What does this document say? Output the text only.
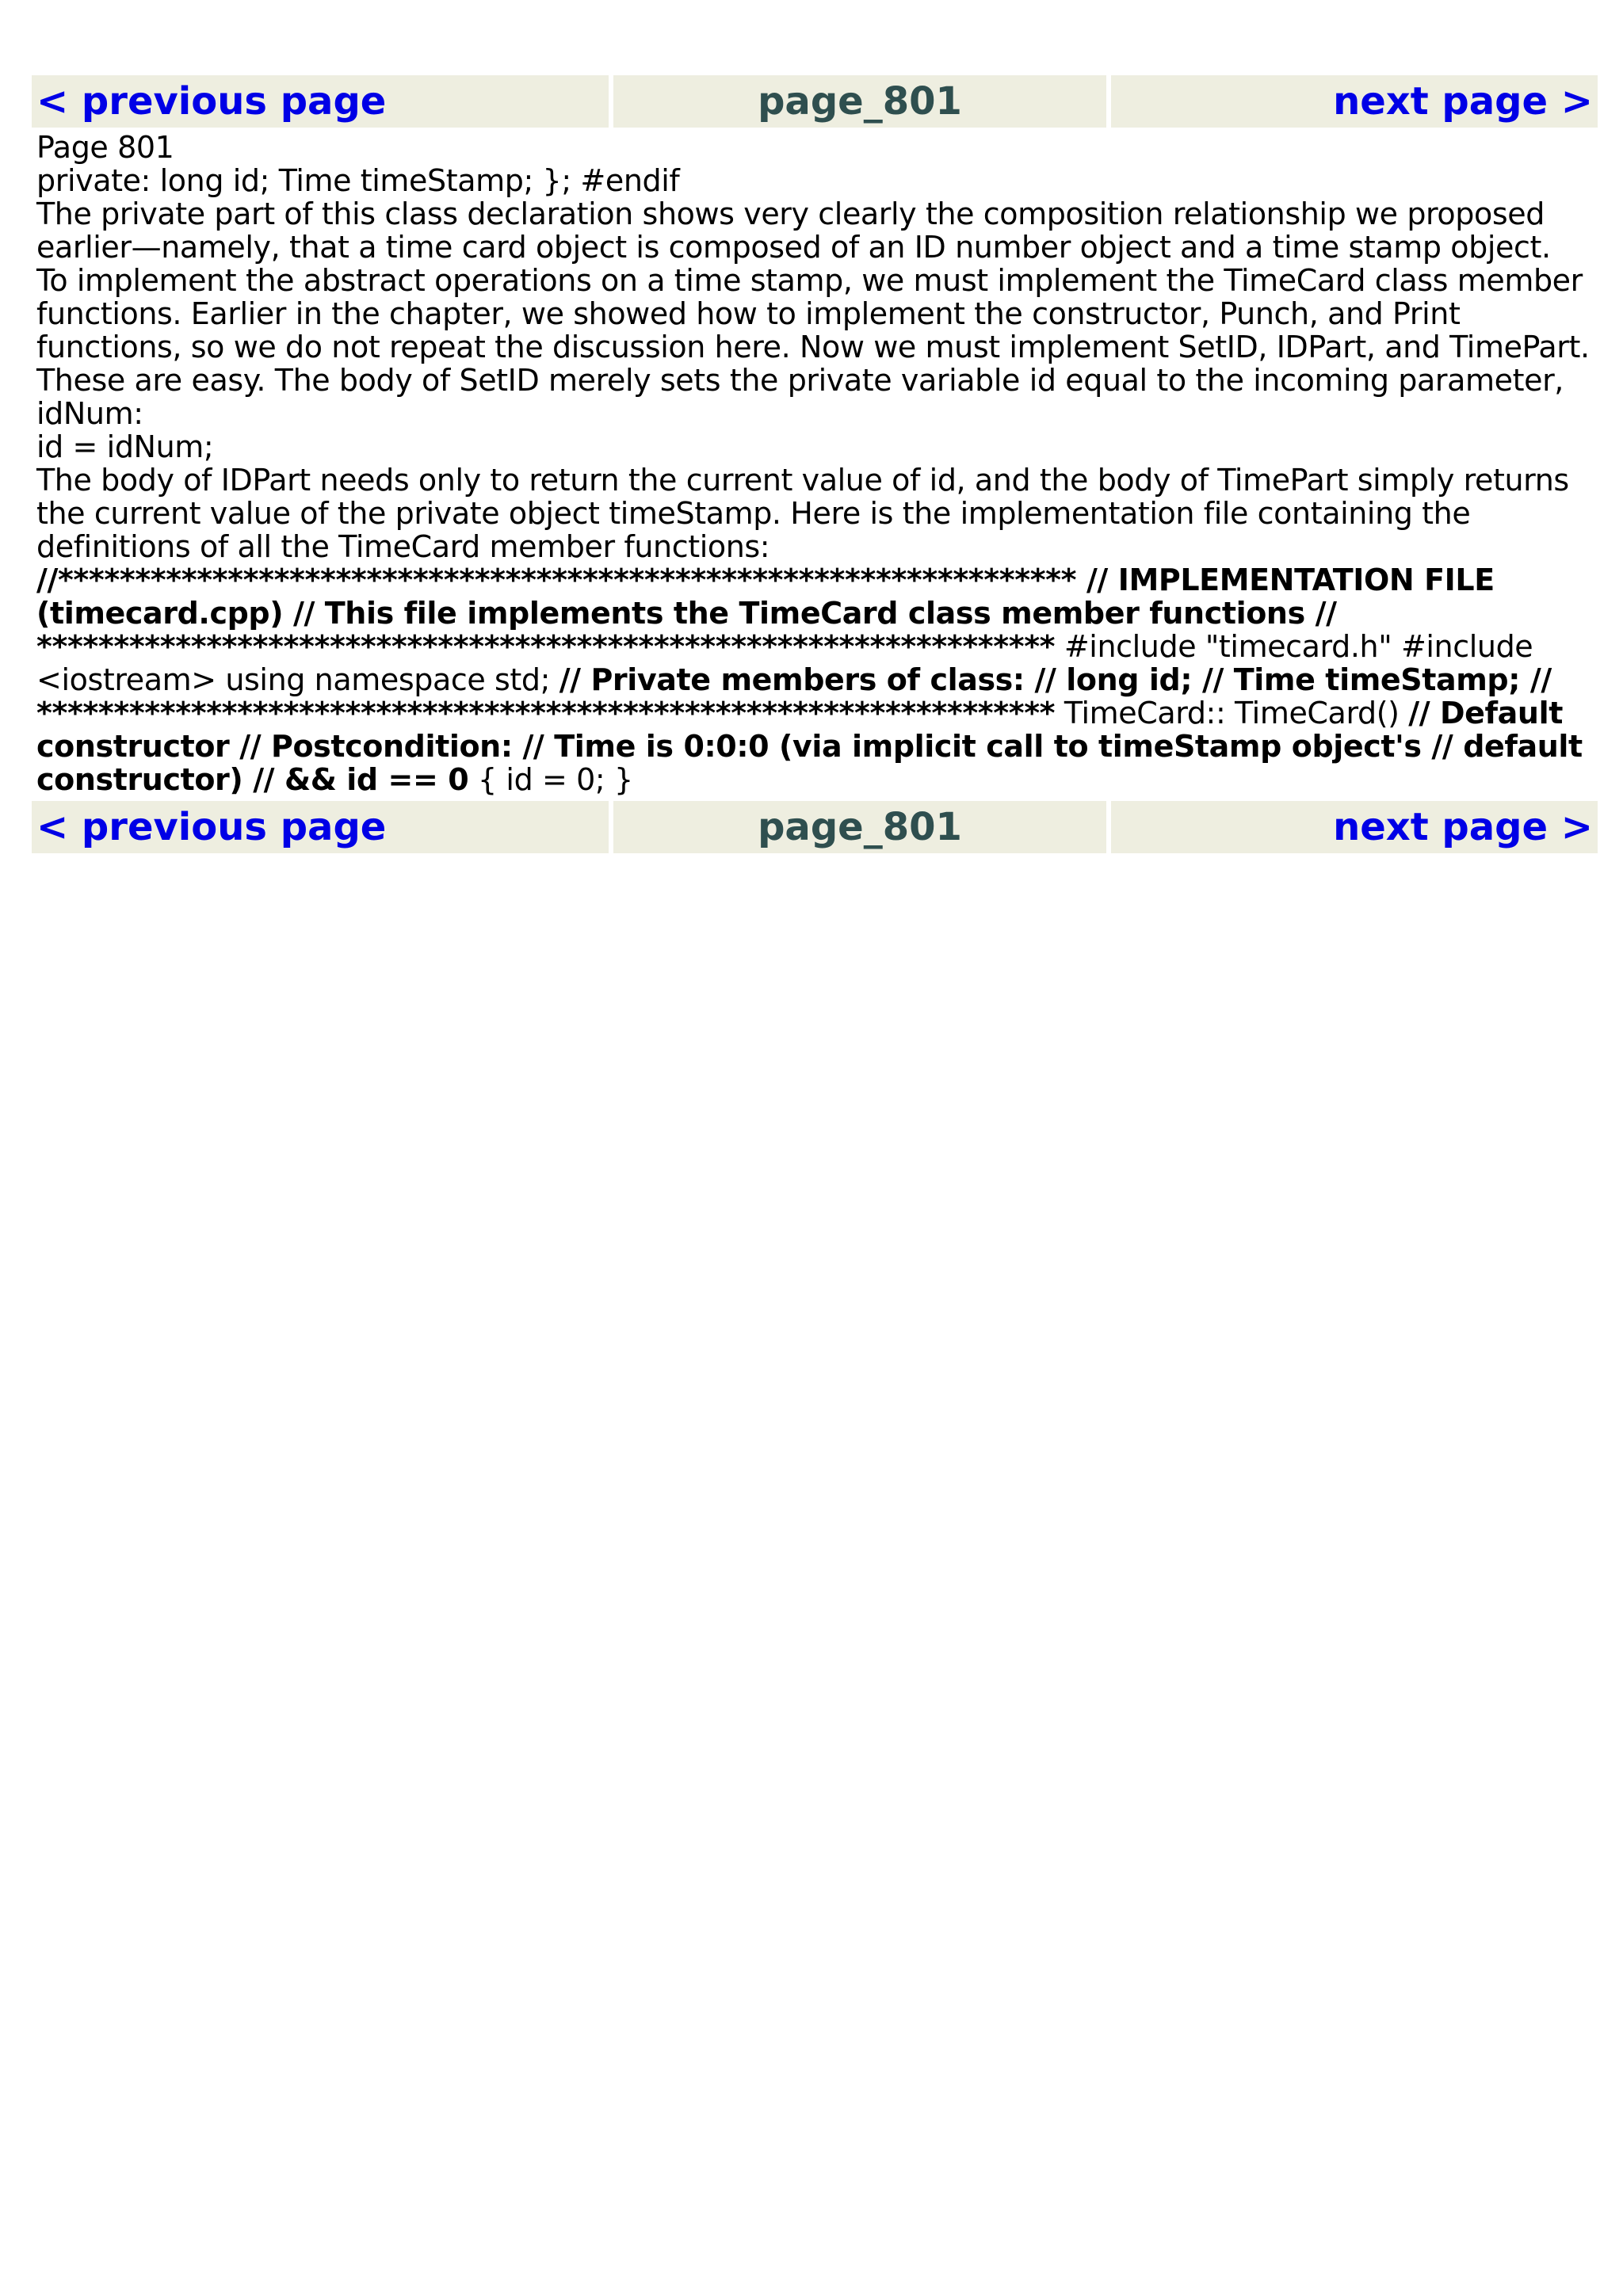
< previous page	page_801	next page >

Page 801

private: long id; Time timeStamp; }; #endif

The private part of this class declaration shows very clearly the composition relationship we proposed earlier—namely, that a time card object is composed of an ID number object and a time stamp object.

To implement the abstract operations on a time stamp, we must implement the TimeCard class member functions. Earlier in the chapter, we showed how to implement the constructor, Punch, and Print functions, so we do not repeat the discussion here. Now we must implement SetID, IDPart, and TimePart. These are easy. The body of SetID merely sets the private variable id equal to the incoming parameter, idNum:

id = idNum;

The body of IDPart needs only to return the current value of id, and the body of TimePart simply returns the current value of the private object timeStamp. Here is the implementation file containing the definitions of all the TimeCard member functions:

//****************************************************************** // IMPLEMENTATION FILE (timecard.cpp) // This file implements the TimeCard class member functions // ****************************************************************** #include "timecard.h" #include <iostream> using namespace std; // Private members of class: // long id; // Time timeStamp; // ****************************************************************** TimeCard:: TimeCard() // Default constructor // Postcondition: // Time is 0:0:0 (via implicit call to timeStamp object's // default constructor) // && id == 0 { id = 0; }

< previous page	page_801	next page >
